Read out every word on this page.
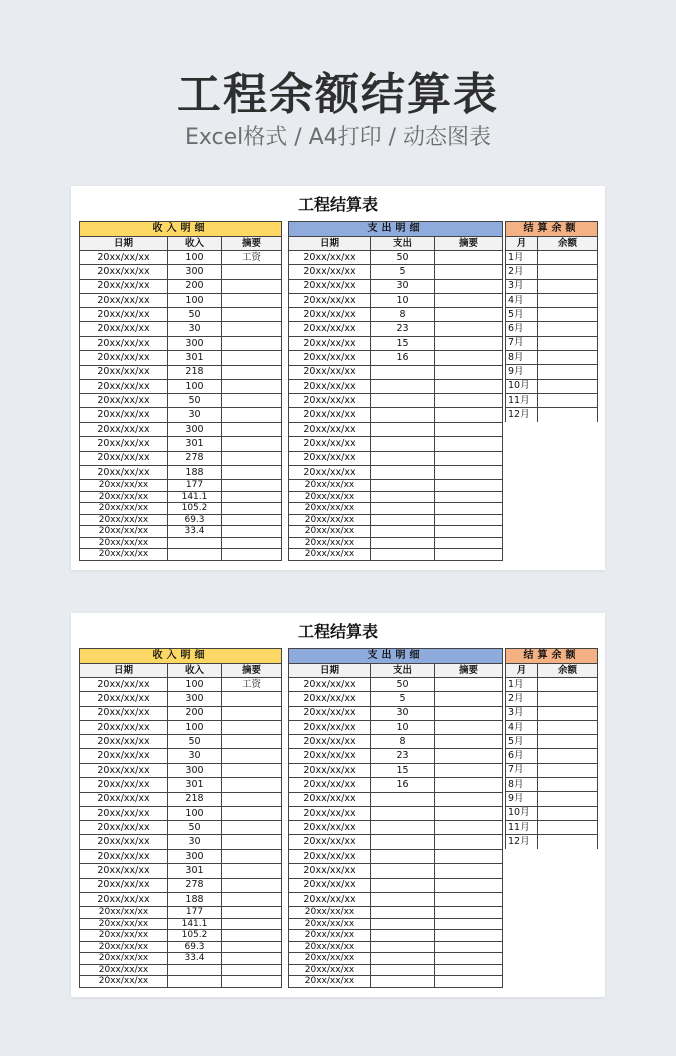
工程余额结算表
Excel格式 / A4打印 / 动态图表
工程结算表
收入明细		
日期	收入	摘要
20xx/xx/xx	100	工资
20xx/xx/xx	300	
20xx/xx/xx	200	
20xx/xx/xx	100	
20xx/xx/xx	50	
20xx/xx/xx	30	
20xx/xx/xx	300	
20xx/xx/xx	301	
20xx/xx/xx	218	
20xx/xx/xx	100	
20xx/xx/xx	50	
20xx/xx/xx	30	
20xx/xx/xx	300	
20xx/xx/xx	301	
20xx/xx/xx	278	
20xx/xx/xx	188	
20xx/xx/xx	177	
20xx/xx/xx	141.1	
20xx/xx/xx	105.2	
20xx/xx/xx	69.3	
20xx/xx/xx	33.4	
20xx/xx/xx		
20xx/xx/xx		
支出明细		
日期	支出	摘要
20xx/xx/xx	50	
20xx/xx/xx	5	
20xx/xx/xx	30	
20xx/xx/xx	10	
20xx/xx/xx	8	
20xx/xx/xx	23	
20xx/xx/xx	15	
20xx/xx/xx	16	
20xx/xx/xx		
20xx/xx/xx		
20xx/xx/xx		
20xx/xx/xx		
20xx/xx/xx		
20xx/xx/xx		
20xx/xx/xx		
20xx/xx/xx		
20xx/xx/xx		
20xx/xx/xx		
20xx/xx/xx		
20xx/xx/xx		
20xx/xx/xx		
20xx/xx/xx		
20xx/xx/xx		
结算余额	
月	余额
1月	
2月	
3月	
4月	
5月	
6月	
7月	
8月	
9月	
10月	
11月	
12月	
工程结算表
收入明细		
日期	收入	摘要
20xx/xx/xx	100	工资
20xx/xx/xx	300	
20xx/xx/xx	200	
20xx/xx/xx	100	
20xx/xx/xx	50	
20xx/xx/xx	30	
20xx/xx/xx	300	
20xx/xx/xx	301	
20xx/xx/xx	218	
20xx/xx/xx	100	
20xx/xx/xx	50	
20xx/xx/xx	30	
20xx/xx/xx	300	
20xx/xx/xx	301	
20xx/xx/xx	278	
20xx/xx/xx	188	
20xx/xx/xx	177	
20xx/xx/xx	141.1	
20xx/xx/xx	105.2	
20xx/xx/xx	69.3	
20xx/xx/xx	33.4	
20xx/xx/xx		
20xx/xx/xx		
支出明细		
日期	支出	摘要
20xx/xx/xx	50	
20xx/xx/xx	5	
20xx/xx/xx	30	
20xx/xx/xx	10	
20xx/xx/xx	8	
20xx/xx/xx	23	
20xx/xx/xx	15	
20xx/xx/xx	16	
20xx/xx/xx		
20xx/xx/xx		
20xx/xx/xx		
20xx/xx/xx		
20xx/xx/xx		
20xx/xx/xx		
20xx/xx/xx		
20xx/xx/xx		
20xx/xx/xx		
20xx/xx/xx		
20xx/xx/xx		
20xx/xx/xx		
20xx/xx/xx		
20xx/xx/xx		
20xx/xx/xx		
结算余额	
月	余额
1月	
2月	
3月	
4月	
5月	
6月	
7月	
8月	
9月	
10月	
11月	
12月	
